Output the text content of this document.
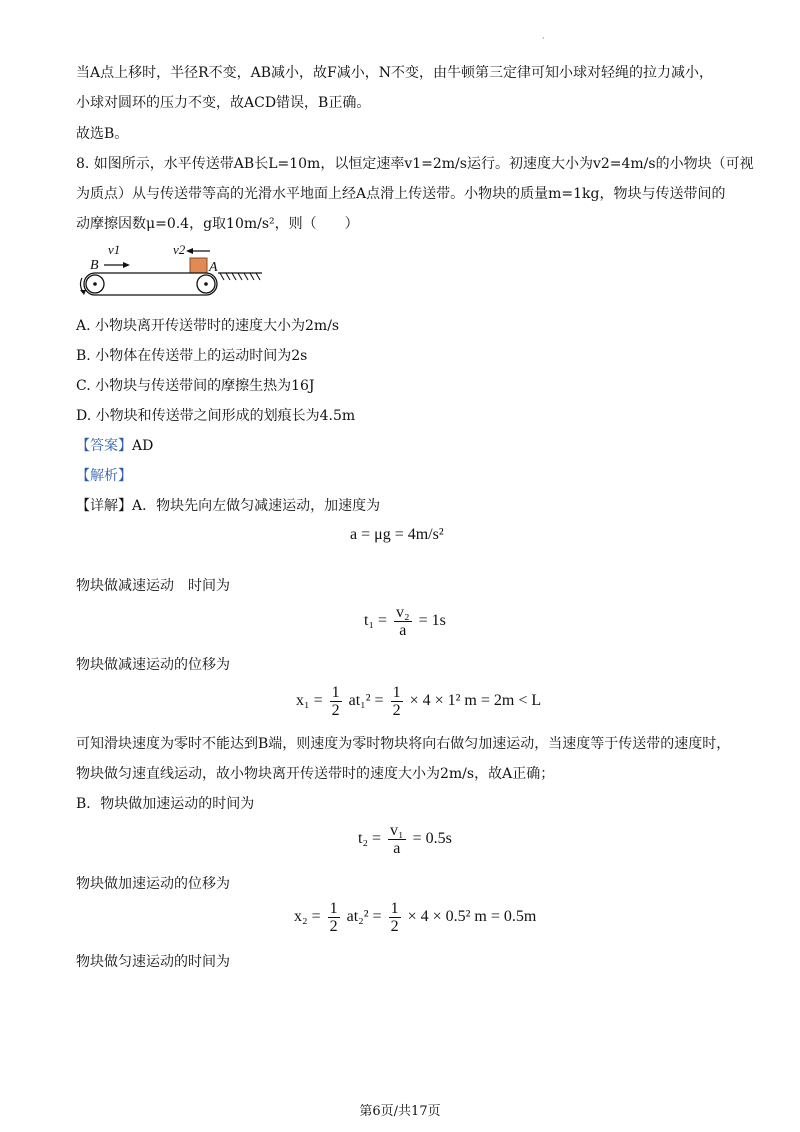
·
当A点上移时，半径R不变，AB减小，故F减小，N不变，由牛顿第三定律可知小球对轻绳的拉力减小，
小球对圆环的压力不变，故ACD错误，B正确。
故选B。
8. 如图所示，水平传送带AB长L=10m，以恒定速率v1=2m/s运行。初速度大小为v2=4m/s的小物块（可视
为质点）从与传送带等高的光滑水平地面上经A点滑上传送带。小物块的质量m=1kg，物块与传送带间的
动摩擦因数μ=0.4，g取10m/s²，则（　　）
v1
B
v2
A
A. 小物块离开传送带时的速度大小为2m/s
B. 小物体在传送带上的运动时间为2s
C. 小物块与传送带间的摩擦生热为16J
D. 小物块和传送带之间形成的划痕长为4.5m
【答案】AD
【解析】
【详解】A．物块先向左做匀减速运动，加速度为
a = μg = 4m/s²
物块做减速运动　时间为
$t_1 = \frac{\text{v₂}}{a} = 1s$
物块做减速运动的位移为
$x_1 = \frac{1}{2} at_1^2 = \frac{1}{2} \times 4 \times 1^2$ m = 2m < L
可知滑块速度为零时不能达到B端，则速度为零时物块将向右做匀加速运动，当速度等于传送带的速度时，
物块做匀速直线运动，故小物块离开传送带时的速度大小为2m/s，故A正确；
B．物块做加速运动的时间为
$t_2 = \frac{\text{v₁}}{a} = 0.5s$
物块做加速运动的位移为
$x_2 = \frac{1}{2} at_2^2 = \frac{1}{2} \times 4 \times 0.5^2$ m = 0.5m
物块做匀速运动的时间为
第6页/共17页
